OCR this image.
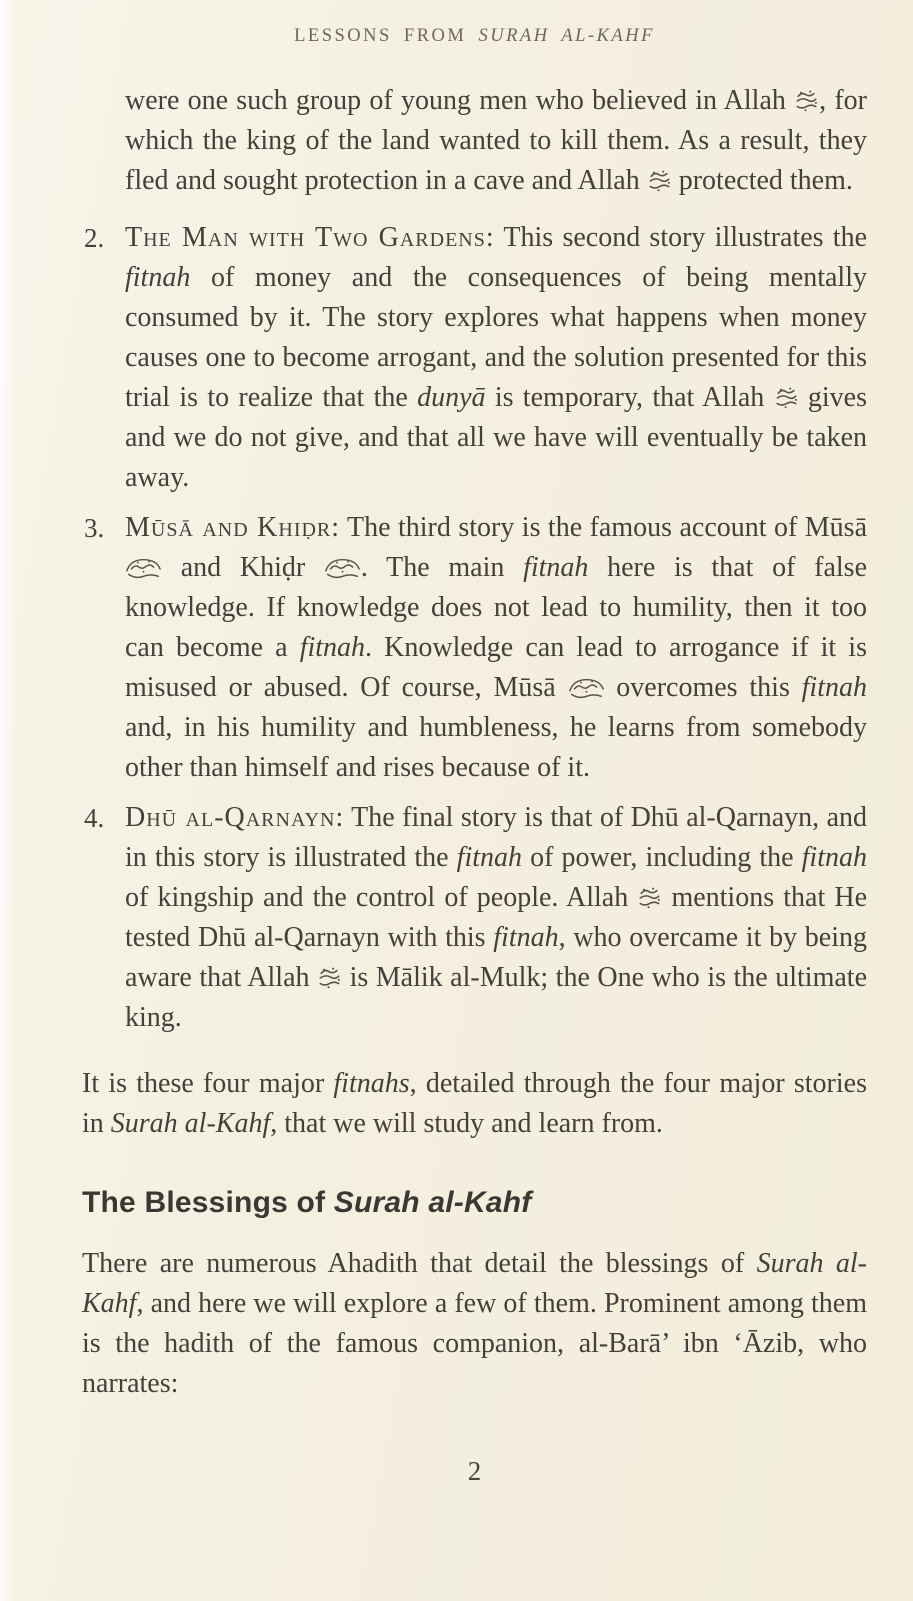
LESSONS FROM SURAH AL-KAHF

were one such group of young men who believed in Allah , for which the king of the land wanted to kill them. As a result, they fled and sought protection in a cave and Allah  protected them.

2. The Man with Two Gardens: This second story illustrates the fitnah of money and the consequences of being mentally consumed by it. The story explores what happens when money causes one to become arrogant, and the solution presented for this trial is to realize that the dunyā is temporary, that Allah  gives and we do not give, and that all we have will eventually be taken away.

3. Mūsā and Khiḍr: The third story is the famous account of Mūsā  and Khiḍr . The main fitnah here is that of false knowledge. If knowledge does not lead to humility, then it too can become a fitnah. Knowledge can lead to arrogance if it is misused or abused. Of course, Mūsā  overcomes this fitnah and, in his humility and humbleness, he learns from somebody other than himself and rises because of it.

4. Dhū al-Qarnayn: The final story is that of Dhū al-Qarnayn, and in this story is illustrated the fitnah of power, including the fitnah of kingship and the control of people. Allah  mentions that He tested Dhū al-Qarnayn with this fitnah, who overcame it by being aware that Allah  is Mālik al-Mulk; the One who is the ultimate king.

It is these four major fitnahs, detailed through the four major stories in Surah al-Kahf, that we will study and learn from.

The Blessings of Surah al-Kahf

There are numerous Ahadith that detail the blessings of Surah al-Kahf, and here we will explore a few of them. Prominent among them is the hadith of the famous companion, al-Barā’ ibn ‘Āzib, who narrates:

2
